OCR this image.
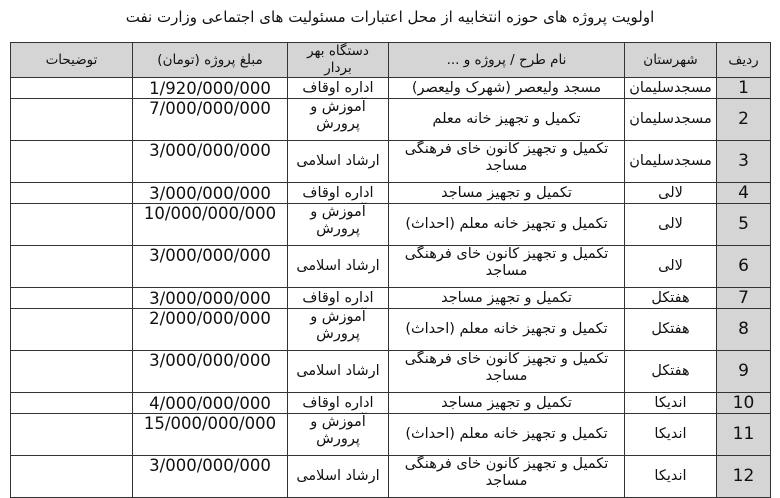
اولویت پروژه های حوزه انتخابیه از محل اعتبارات مسئولیت های اجتماعی وزارت نفت
ردیف	شهرستان	نام طرح / پروژه و ...	دستگاه بهر بردار	مبلغ پروژه (تومان)	توضیحات
1	مسجدسلیمان	مسجد ولیعصر (شهرک ولیعصر)	اداره اوقاف	1/920/000/000	
2	مسجدسلیمان	تکمیل و تجهیز خانه معلم	آموزش و پرورش	7/000/000/000	
3	مسجدسلیمان	تکمیل و تجهیز کانون خای فرهنگی مساجد	ارشاد اسلامی	3/000/000/000	
4	لالی	تکمیل و تجهیز مساجد	اداره اوقاف	3/000/000/000	
5	لالی	تکمیل و تجهیز خانه معلم (احداث)	آموزش و پرورش	10/000/000/000	
6	لالی	تکمیل و تجهیز کانون خای فرهنگی مساجد	ارشاد اسلامی	3/000/000/000	
7	هفتکل	تکمیل و تجهیز مساجد	اداره اوقاف	3/000/000/000	
8	هفتکل	تکمیل و تجهیز خانه معلم (احداث)	آموزش و پرورش	2/000/000/000	
9	هفتکل	تکمیل و تجهیز کانون خای فرهنگی مساجد	ارشاد اسلامی	3/000/000/000	
10	اندیکا	تکمیل و تجهیز مساجد	اداره اوقاف	4/000/000/000	
11	اندیکا	تکمیل و تجهیز خانه معلم (احداث)	آموزش و پرورش	15/000/000/000	
12	اندیکا	تکمیل و تجهیز کانون خای فرهنگی مساجد	ارشاد اسلامی	3/000/000/000	
